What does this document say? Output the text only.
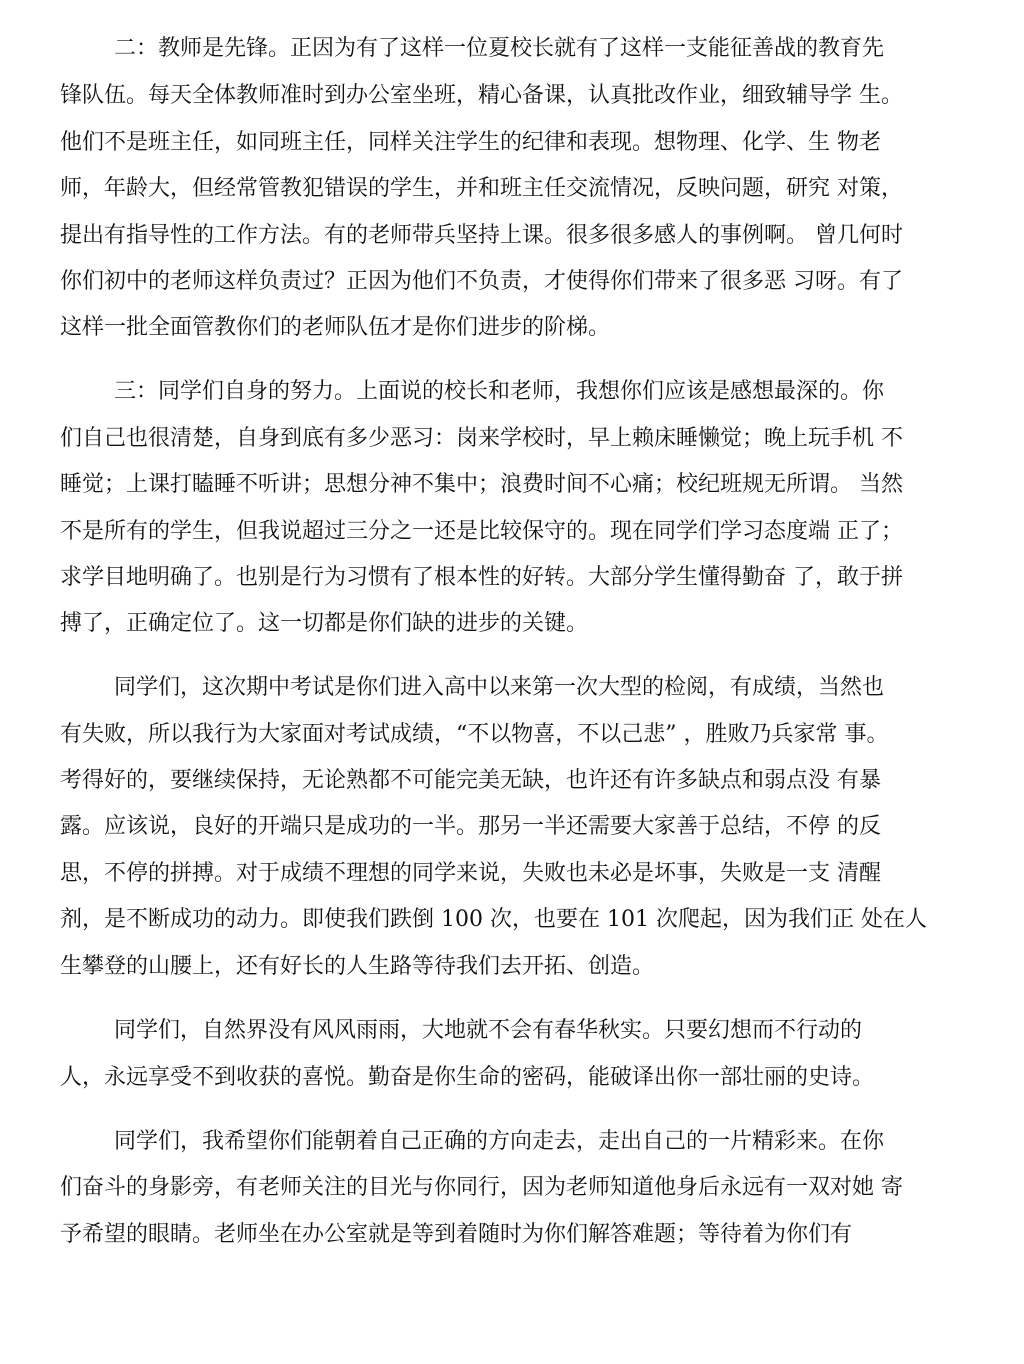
二：教师是先锋。正因为有了这样一位夏校长就有了这样一支能征善战的教育先
锋队伍。每天全体教师准时到办公室坐班，精心备课，认真批改作业，细致辅导学 生。
他们不是班主任，如同班主任，同样关注学生的纪律和表现。想物理、化学、生 物老
师，年龄大，但经常管教犯错误的学生，并和班主任交流情况，反映问题，研究 对策，
提出有指导性的工作方法。有的老师带兵坚持上课。很多很多感人的事例啊。 曾几何时
你们初中的老师这样负责过？正因为他们不负责，才使得你们带来了很多恶 习呀。有了
这样一批全面管教你们的老师队伍才是你们进步的阶梯。
三：同学们自身的努力。上面说的校长和老师，我想你们应该是感想最深的。你
们自己也很清楚，自身到底有多少恶习：岗来学校时，早上赖床睡懒觉；晚上玩手机 不
睡觉；上课打瞌睡不听讲；思想分神不集中；浪费时间不心痛；校纪班规无所谓。 当然
不是所有的学生，但我说超过三分之一还是比较保守的。现在同学们学习态度端 正了；
求学目地明确了。也别是行为习惯有了根本性的好转。大部分学生懂得勤奋 了，敢于拼
搏了，正确定位了。这一切都是你们缺的进步的关键。
同学们，这次期中考试是你们进入高中以来第一次大型的检阅，有成绩，当然也
有失败，所以我行为大家面对考试成绩，“不以物喜，不以己悲” ，胜败乃兵家常 事。
考得好的，要继续保持，无论熟都不可能完美无缺，也许还有许多缺点和弱点没 有暴
露。应该说，良好的开端只是成功的一半。那另一半还需要大家善于总结，不停 的反
思，不停的拼搏。对于成绩不理想的同学来说，失败也未必是坏事，失败是一支 清醒
剂，是不断成功的动力。即使我们跌倒 100 次，也要在 101 次爬起，因为我们正 处在人
生攀登的山腰上，还有好长的人生路等待我们去开拓、创造。
同学们，自然界没有风风雨雨，大地就不会有春华秋实。只要幻想而不行动的
人，永远享受不到收获的喜悦。勤奋是你生命的密码，能破译出你一部壮丽的史诗。
同学们，我希望你们能朝着自己正确的方向走去，走出自己的一片精彩来。在你
们奋斗的身影旁，有老师关注的目光与你同行，因为老师知道他身后永远有一双对她 寄
予希望的眼睛。老师坐在办公室就是等到着随时为你们解答难题；等待着为你们有
